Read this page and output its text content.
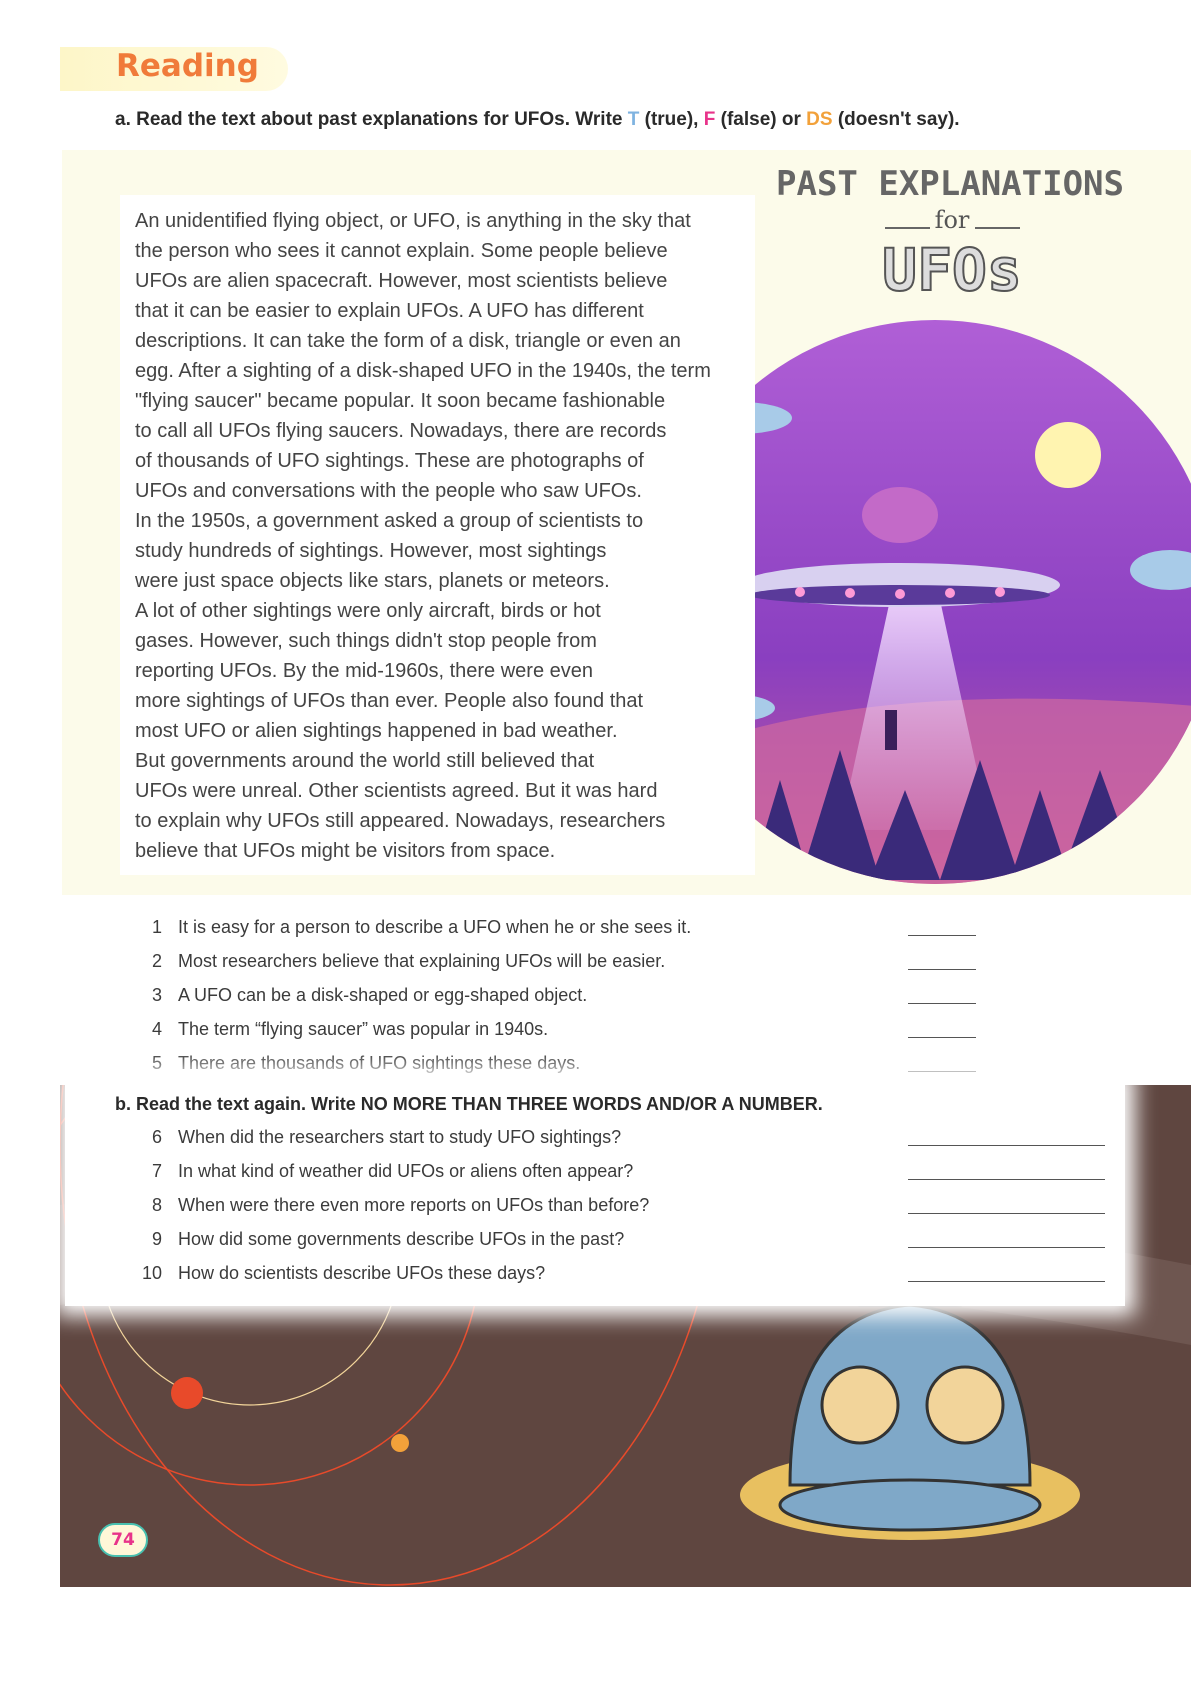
Reading
a. Read the text about past explanations for UFOs. Write T (true), F (false) or DS (doesn't say).
PAST EXPLANATIONS
for
UFOs
An unidentified flying object, or UFO, is anything in the sky that
the person who sees it cannot explain. Some people believe
UFOs are alien spacecraft. However, most scientists believe
that it can be easier to explain UFOs. A UFO has different
descriptions. It can take the form of a disk, triangle or even an
egg. After a sighting of a disk-shaped UFO in the 1940s, the term
"flying saucer" became popular. It soon became fashionable
to call all UFOs flying saucers. Nowadays, there are records
of thousands of UFO sightings. These are photographs of
UFOs and conversations with the people who saw UFOs.
In the 1950s, a government asked a group of scientists to
study hundreds of sightings. However, most sightings
were just space objects like stars, planets or meteors.
A lot of other sightings were only aircraft, birds or hot
gases. However, such things didn't stop people from
reporting UFOs. By the mid-1960s, there were even
more sightings of UFOs than ever. People also found that
most UFO or alien sightings happened in bad weather.
But governments around the world still believed that
UFOs were unreal. Other scientists agreed. But it was hard
to explain why UFOs still appeared. Nowadays, researchers
believe that UFOs might be visitors from space.
1 It is easy for a person to describe a UFO when he or she sees it.
2 Most researchers believe that explaining UFOs will be easier.
3 A UFO can be a disk-shaped or egg-shaped object.
4 The term “flying saucer” was popular in 1940s.
5 There are thousands of UFO sightings these days.
b. Read the text again. Write NO MORE THAN THREE WORDS AND/OR A NUMBER.
6 When did the researchers start to study UFO sightings?
7 In what kind of weather did UFOs or aliens often appear?
8 When were there even more reports on UFOs than before?
9 How did some governments describe UFOs in the past?
10 How do scientists describe UFOs these days?
74
